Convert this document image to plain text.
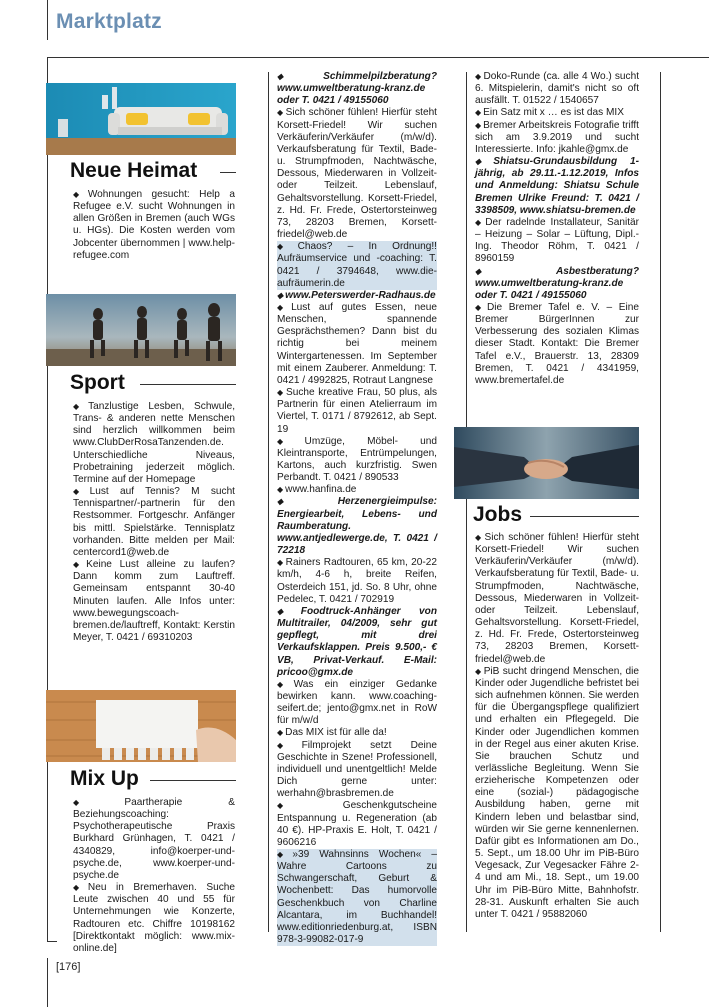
Marktplatz
[176]
Neue Heimat

◆ Wohnungen gesucht: Help a Refugee e.V. sucht Wohnungen in allen Größen in Bremen (auch WGs u. HGs). Die Kosten werden vom Jobcenter übernommen | www.help-refugee.com

Sport

◆ Tanzlustige Lesben, Schwule, Trans- & anderen nette Menschen sind herzlich willkommen beim www.ClubDerRosaTanzenden.de. Unterschiedliche Niveaus, Probetraining jederzeit möglich. Termine auf der Homepage

◆ Lust auf Tennis? M sucht Tennispartner/-partnerin für den Restsommer. Fortgeschr. Anfänger bis mittl. Spielstärke. Tennisplatz vorhanden. Bitte melden per Mail: centercord1@web.de

◆ Keine Lust alleine zu laufen? Dann komm zum Lauftreff. Gemeinsam entspannt 30-40 Minuten laufen. Alle Infos unter: www.bewegungscoach-bremen.de/lauftreff, Kontakt: Kerstin Meyer, T. 0421 / 69310203

Mix Up

◆ Paartherapie & Beziehungscoaching: Psychotherapeutische Praxis Burkhard Grünhagen, T. 0421 / 4340829, info@koerper-und-psyche.de, www.koerper-und-psyche.de

◆ Neu in Bremerhaven. Suche Leute zwischen 40 und 55 für Unternehmungen wie Konzerte, Radtouren etc. Chiffre 10198162 [Direktkontakt möglich: www.mix-online.de]

◆ Schimmelpilzberatung? www.umweltberatung-kranz.de oder T. 0421 / 49155060

◆ Sich schöner fühlen! Hierfür steht Korsett-Friedel! Wir suchen Verkäuferin/Verkäufer (m/w/d). Verkaufsberatung für Textil, Bade- u. Strumpfmoden, Nachtwäsche, Dessous, Miederwaren in Vollzeit- oder Teilzeit. Lebenslauf, Gehaltsvorstellung. Korsett-Friedel, z. Hd. Fr. Frede, Ostertorsteinweg 73, 28203 Bremen, Korsett-friedel@web.de

◆ Chaos? – In Ordnung!! Aufräumservice und -coaching: T. 0421 / 3794648, www.die-aufräumerin.de

◆ www.Peterswerder-Radhaus.de

◆ Lust auf gutes Essen, neue Menschen, spannende Gesprächsthemen? Dann bist du richtig bei meinem Wintergartenessen. Im September mit einem Zauberer. Anmeldung: T. 0421 / 4992825, Rotraut Langnese

◆ Suche kreative Frau, 50 plus, als Partnerin für einen Atelierraum im Viertel, T. 0171 / 8792612, ab Sept. 19

◆ Umzüge, Möbel- und Kleintransporte, Entrümpelungen, Kartons, auch kurzfristig. Swen Perbandt. T. 0421 / 890533

◆ www.hanfina.de

◆ Herzenergieimpulse: Energiearbeit, Lebens- und Raumberatung. www.antjedlewerge.de, T. 0421 / 72218

◆ Rainers Radtouren, 65 km, 20-22 km/h, 4-6 h, breite Reifen, Osterdeich 151, jd. So. 8 Uhr, ohne Pedelec, T. 0421 / 702919

◆ Foodtruck-Anhänger von Multitrailer, 04/2009, sehr gut gepflegt, mit drei Verkaufsklappen. Preis 9.500,- € VB, Privat-Verkauf. E-Mail: pricoo@gmx.de

◆ Was ein einziger Gedanke bewirken kann. www.coaching-seifert.de; jento@gmx.net in RoW für m/w/d

◆ Das MIX ist für alle da!

◆ Filmprojekt setzt Deine Geschichte in Szene! Professionell, individuell und unentgeltlich! Melde Dich gerne unter: werhahn@brasbremen.de

◆ Geschenkgutscheine Entspannung u. Regeneration (ab 40 €). HP-Praxis E. Holt, T. 0421 / 9606216

◆ »39 Wahnsinns Wochen« – Wahre Cartoons zu Schwangerschaft, Geburt & Wochenbett: Das humorvolle Geschenkbuch von Charline Alcantara, im Buchhandel! www.editionriedenburg.at, ISBN 978-3-99082-017-9

◆ Doko-Runde (ca. alle 4 Wo.) sucht 6. Mitspielerin, damit's nicht so oft ausfällt. T. 01522 / 1540657

◆ Ein Satz mit x … es ist das MIX

◆ Bremer Arbeitskreis Fotografie trifft sich am 3.9.2019 und sucht Interessierte. Info: jkahle@gmx.de

◆ Shiatsu-Grundausbildung 1-jährig, ab 29.11.-1.12.2019, Infos und Anmeldung: Shiatsu Schule Bremen Ulrike Freund: T. 0421 / 3398509, www.shiatsu-bremen.de

◆ Der radelnde Installateur, Sanitär – Heizung – Solar – Lüftung, Dipl.-Ing. Theodor Röhm, T. 0421 / 8960159

◆ Asbestberatung? www.umweltberatung-kranz.de oder T. 0421 / 49155060

◆ Die Bremer Tafel e. V. – Eine Bremer BürgerInnen zur Verbesserung des sozialen Klimas dieser Stadt. Kontakt: Die Bremer Tafel e.V., Brauerstr. 13, 28309 Bremen, T. 0421 / 4341959, www.bremertafel.de

Jobs

◆ Sich schöner fühlen! Hierfür steht Korsett-Friedel! Wir suchen Verkäuferin/Verkäufer (m/w/d). Verkaufsberatung für Textil, Bade- u. Strumpfmoden, Nachtwäsche, Dessous, Miederwaren in Vollzeit- oder Teilzeit. Lebenslauf, Gehaltsvorstellung. Korsett-Friedel, z. Hd. Fr. Frede, Ostertorsteinweg 73, 28203 Bremen, Korsett-friedel@web.de

◆ PiB sucht dringend Menschen, die Kinder oder Jugendliche befristet bei sich aufnehmen können. Sie werden für die Übergangspflege qualifiziert und erhalten ein Pflegegeld. Die Kinder oder Jugendlichen kommen in der Regel aus einer akuten Krise. Sie brauchen Schutz und verlässliche Begleitung. Wenn Sie erzieherische Kompetenzen oder eine (sozial-) pädagogische Ausbildung haben, gerne mit Kindern leben und belastbar sind, würden wir Sie gerne kennenlernen. Dafür gibt es Informationen am Do., 5. Sept., um 18.00 Uhr im PiB-Büro Vegesack, Zur Vegesacker Fähre 2-4 und am Mi., 18. Sept., um 19.00 Uhr im PiB-Büro Mitte, Bahnhofstr. 28-31. Auskunft erhalten Sie auch unter T. 0421 / 95882060
